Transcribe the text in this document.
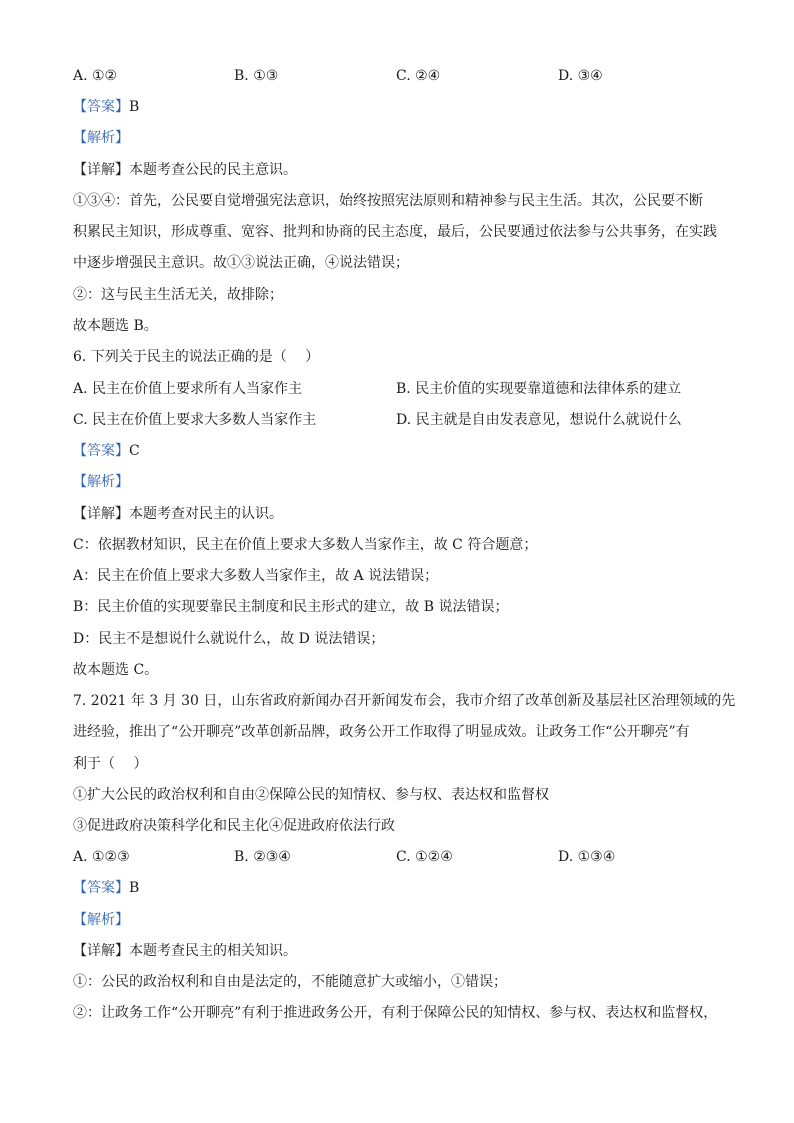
A. ①②	B. ①③	C. ②④	D. ③④
【答案】B
【解析】
【详解】本题考查公民的民主意识。
①③④：首先，公民要自觉增强宪法意识，始终按照宪法原则和精神参与民主生活。其次，公民要不断
积累民主知识，形成尊重、宽容、批判和协商的民主态度，最后，公民要通过依法参与公共事务，在实践
中逐步增强民主意识。故①③说法正确，④说法错误；
②：这与民主生活无关，故排除；
故本题选 B。
6. 下列关于民主的说法正确的是（　 ）
A. 民主在价值上要求所有人当家作主	B. 民主价值的实现要靠道德和法律体系的建立
C. 民主在价值上要求大多数人当家作主	D. 民主就是自由发表意见，想说什么就说什么
【答案】C
【解析】
【详解】本题考查对民主的认识。
C：依据教材知识，民主在价值上要求大多数人当家作主，故 C 符合题意；
A：民主在价值上要求大多数人当家作主，故 A 说法错误；
B：民主价值的实现要靠民主制度和民主形式的建立，故 B 说法错误；
D：民主不是想说什么就说什么，故 D 说法错误；
故本题选 C。
7. 2021 年 3 月 30 日，山东省政府新闻办召开新闻发布会，我市介绍了改革创新及基层社区治理领域的先
进经验，推出了“公开聊亮”改革创新品牌，政务公开工作取得了明显成效。让政务工作“公开聊亮”有
利于（　 ）
①扩大公民的政治权利和自由②保障公民的知情权、参与权、表达权和监督权
③促进政府决策科学化和民主化④促进政府依法行政
A. ①②③	B. ②③④	C. ①②④	D. ①③④
【答案】B
【解析】
【详解】本题考查民主的相关知识。
①：公民的政治权利和自由是法定的，不能随意扩大或缩小，①错误；
②：让政务工作“公开聊亮”有利于推进政务公开，有利于保障公民的知情权、参与权、表达权和监督权，
